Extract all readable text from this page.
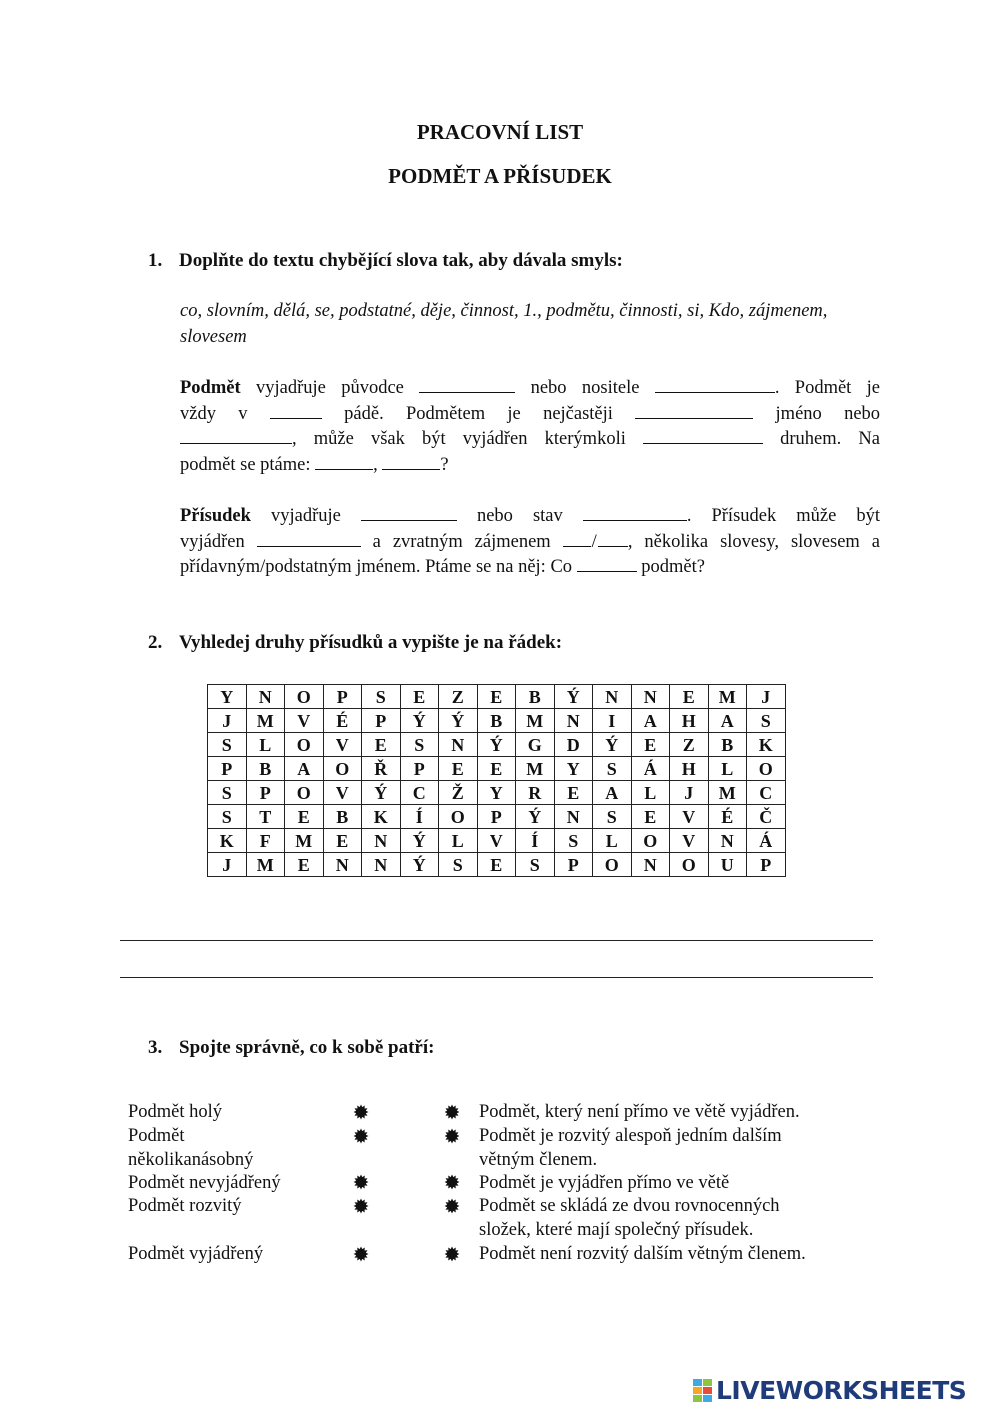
PRACOVNÍ LIST
PODMĚT A PŘÍSUDEK
1. Doplňte do textu chybějící slova tak, aby dávala smyls:
co, slovním, dělá, se, podstatné, děje, činnost, 1., podmětu, činnosti, si, Kdo, zájmenem,
slovesem
Podmět vyjadřuje původce	nebo nositele	. Podmět je
vždy v	pádě. Podmětem je nejčastěji	jméno nebo
, může však být vyjádřen kterýmkoli	druhem. Na
podmět se ptáme:	,	?
Přísudek vyjadřuje	nebo stav	. Přísudek může být
vyjádřen	a zvratným zájmenem / , několika slovesy, slovesem a
přídavným/podstatným jménem. Ptáme se na něj: Co	podmět?
2. Vyhledej druhy přísudků a vypište je na řádek:
Y	N	O	P	S	E	Z	E	B	Ý	N	N	E	M	J
J	M	V	É	P	Ý	Ý	B	M	N	I	A	H	A	S
S	L	O	V	E	S	N	Ý	G	D	Ý	E	Z	B	K
P	B	A	O	Ř	P	E	E	M	Y	S	Á	H	L	O
S	P	O	V	Ý	C	Ž	Y	R	E	A	L	J	M	C
S	T	E	B	K	Í	O	P	Ý	N	S	E	V	É	Č
K	F	M	E	N	Ý	L	V	Í	S	L	O	V	N	Á
J	M	E	N	N	Ý	S	E	S	P	O	N	O	U	P
3. Spojte správně, co k sobě patří:
Podmět holý
Podmět
několikanásobný
Podmět nevyjádřený
Podmět rozvitý
Podmět vyjádřený
Podmět, který není přímo ve větě vyjádřen.
Podmět je rozvitý alespoň jedním dalším
větným členem.
Podmět je vyjádřen přímo ve větě
Podmět se skládá ze dvou rovnocenných
složek, které mají společný přísudek.
Podmět není rozvitý dalším větným členem.
LIVEWORKSHEETS
